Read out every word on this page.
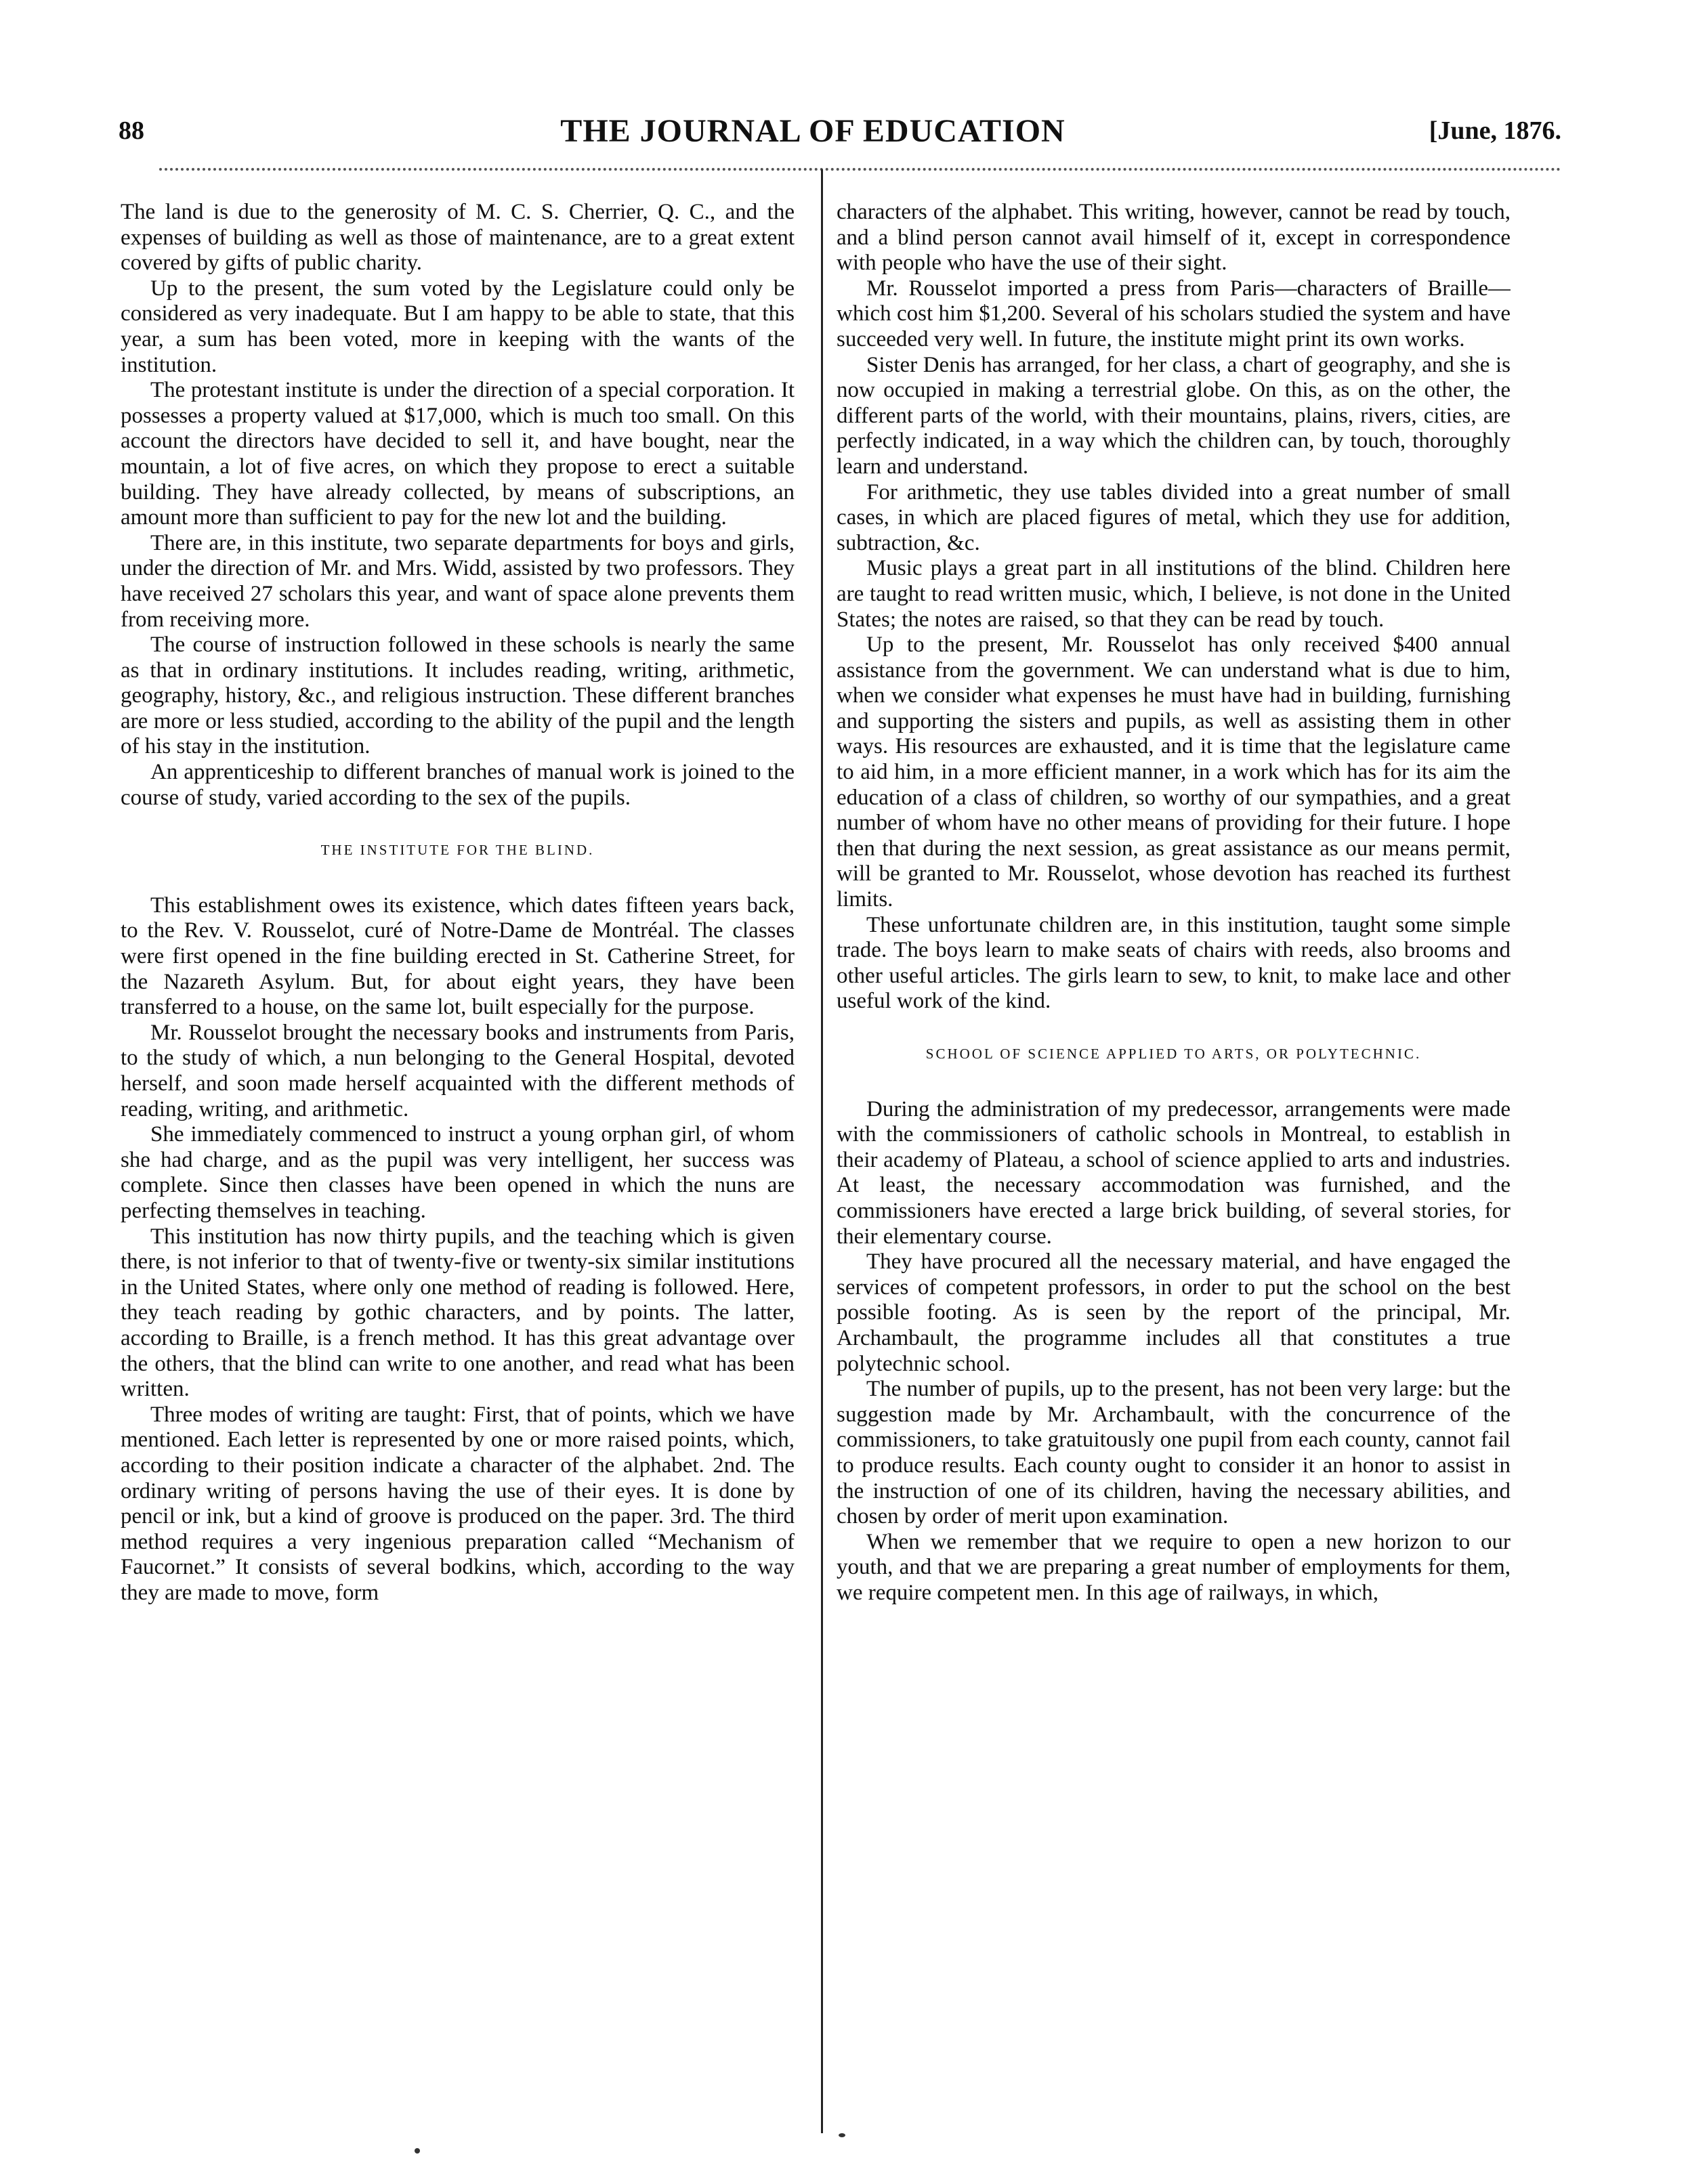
88	THE JOURNAL OF EDUCATION	[June, 1876.

The land is due to the generosity of M. C. S. Cherrier, Q. C., and the expenses of building as well as those of maintenance, are to a great extent covered by gifts of public charity.

Up to the present, the sum voted by the Legislature could only be considered as very inadequate. But I am happy to be able to state, that this year, a sum has been voted, more in keeping with the wants of the institution.

The protestant institute is under the direction of a special corporation. It possesses a property valued at $17,000, which is much too small. On this account the directors have decided to sell it, and have bought, near the mountain, a lot of five acres, on which they propose to erect a suitable building. They have already collected, by means of subscriptions, an amount more than sufficient to pay for the new lot and the building.

There are, in this institute, two separate departments for boys and girls, under the direction of Mr. and Mrs. Widd, assisted by two professors. They have received 27 scholars this year, and want of space alone prevents them from receiving more.

The course of instruction followed in these schools is nearly the same as that in ordinary institutions. It includes reading, writing, arithmetic, geography, history, &c., and religious instruction. These different branches are more or less studied, according to the ability of the pupil and the length of his stay in the institution.

An apprenticeship to different branches of manual work is joined to the course of study, varied according to the sex of the pupils.

THE INSTITUTE FOR THE BLIND.

This establishment owes its existence, which dates fifteen years back, to the Rev. V. Rousselot, curé of Notre-Dame de Montréal. The classes were first opened in the fine building erected in St. Catherine Street, for the Nazareth Asylum. But, for about eight years, they have been transferred to a house, on the same lot, built especially for the purpose.

Mr. Rousselot brought the necessary books and instruments from Paris, to the study of which, a nun belonging to the General Hospital, devoted herself, and soon made herself acquainted with the different methods of reading, writing, and arithmetic.

She immediately commenced to instruct a young orphan girl, of whom she had charge, and as the pupil was very intelligent, her success was complete. Since then classes have been opened in which the nuns are perfecting themselves in teaching.

This institution has now thirty pupils, and the teaching which is given there, is not inferior to that of twenty-five or twenty-six similar institutions in the United States, where only one method of reading is followed. Here, they teach reading by gothic characters, and by points. The latter, according to Braille, is a french method. It has this great advantage over the others, that the blind can write to one another, and read what has been written.

Three modes of writing are taught: First, that of points, which we have mentioned. Each letter is represented by one or more raised points, which, according to their position indicate a character of the alphabet. 2nd. The ordinary writing of persons having the use of their eyes. It is done by pencil or ink, but a kind of groove is produced on the paper. 3rd. The third method requires a very ingenious preparation called “Mechanism of Faucornet.” It consists of several bodkins, which, according to the way they are made to move, form

characters of the alphabet. This writing, however, cannot be read by touch, and a blind person cannot avail himself of it, except in correspondence with people who have the use of their sight.

Mr. Rousselot imported a press from Paris—characters of Braille—which cost him $1,200. Several of his scholars studied the system and have succeeded very well. In future, the institute might print its own works.

Sister Denis has arranged, for her class, a chart of geography, and she is now occupied in making a terrestrial globe. On this, as on the other, the different parts of the world, with their mountains, plains, rivers, cities, are perfectly indicated, in a way which the children can, by touch, thoroughly learn and understand.

For arithmetic, they use tables divided into a great number of small cases, in which are placed figures of metal, which they use for addition, subtraction, &c.

Music plays a great part in all institutions of the blind. Children here are taught to read written music, which, I believe, is not done in the United States; the notes are raised, so that they can be read by touch.

Up to the present, Mr. Rousselot has only received $400 annual assistance from the government. We can understand what is due to him, when we consider what expenses he must have had in building, furnishing and supporting the sisters and pupils, as well as assisting them in other ways. His resources are exhausted, and it is time that the legislature came to aid him, in a more efficient manner, in a work which has for its aim the education of a class of children, so worthy of our sympathies, and a great number of whom have no other means of providing for their future. I hope then that during the next session, as great assistance as our means permit, will be granted to Mr. Rousselot, whose devotion has reached its furthest limits.

These unfortunate children are, in this institution, taught some simple trade. The boys learn to make seats of chairs with reeds, also brooms and other useful articles. The girls learn to sew, to knit, to make lace and other useful work of the kind.

SCHOOL OF SCIENCE APPLIED TO ARTS, OR POLYTECHNIC.

During the administration of my predecessor, arrangements were made with the commissioners of catholic schools in Montreal, to establish in their academy of Plateau, a school of science applied to arts and industries. At least, the necessary accommodation was furnished, and the commissioners have erected a large brick building, of several stories, for their elementary course.

They have procured all the necessary material, and have engaged the services of competent professors, in order to put the school on the best possible footing. As is seen by the report of the principal, Mr. Archambault, the programme includes all that constitutes a true polytechnic school.

The number of pupils, up to the present, has not been very large: but the suggestion made by Mr. Archambault, with the concurrence of the commissioners, to take gratuitously one pupil from each county, cannot fail to produce results. Each county ought to consider it an honor to assist in the instruction of one of its children, having the necessary abilities, and chosen by order of merit upon examination.

When we remember that we require to open a new horizon to our youth, and that we are preparing a great number of employments for them, we require competent men. In this age of railways, in which,
